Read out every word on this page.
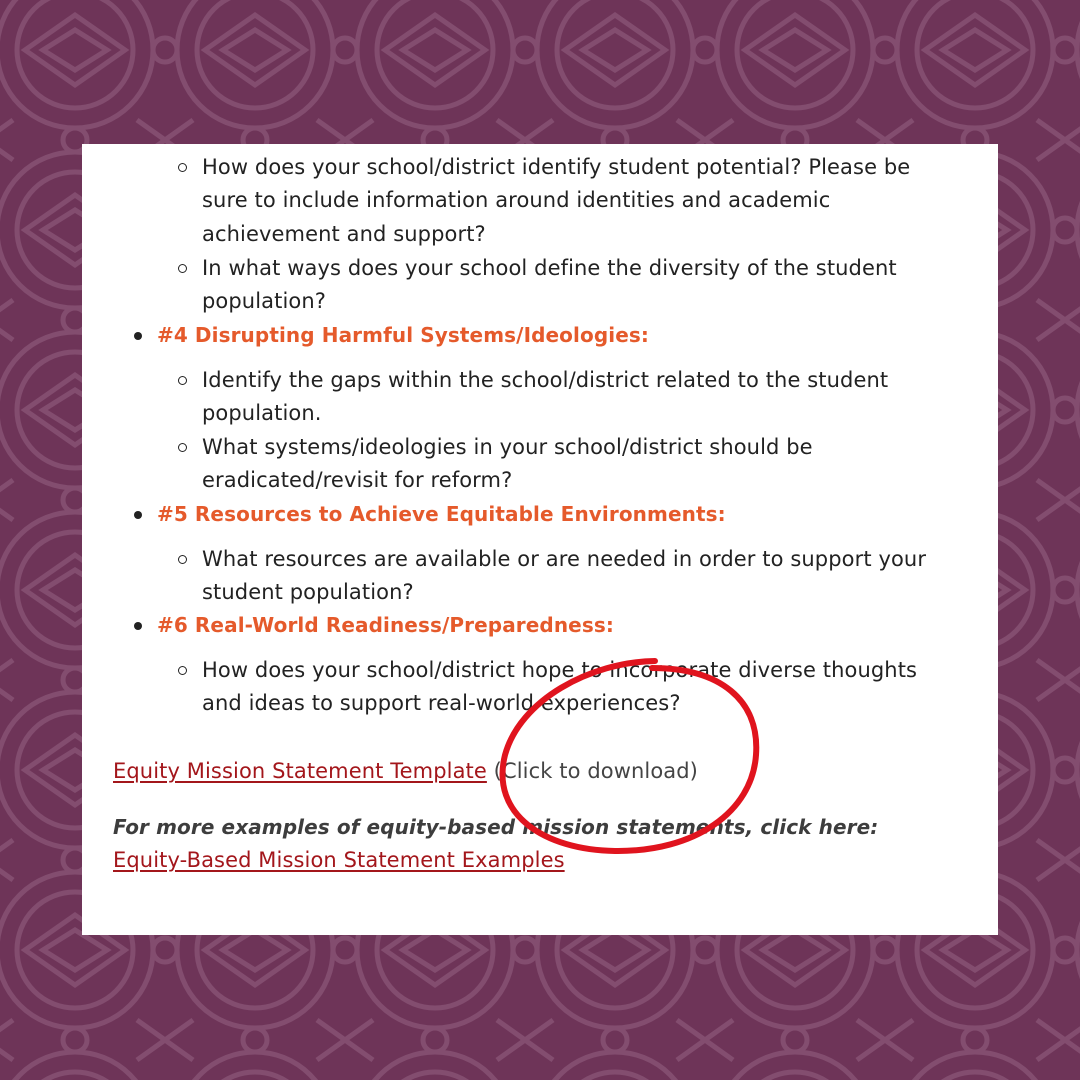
How does your school/district identify student potential? Please be
sure to include information around identities and academic
achievement and support?
In what ways does your school define the diversity of the student
population?
#4 Disrupting Harmful Systems/Ideologies:
Identify the gaps within the school/district related to the student
population.
What systems/ideologies in your school/district should be
eradicated/revisit for reform?
#5 Resources to Achieve Equitable Environments:
What resources are available or are needed in order to support your
student population?
#6 Real-World Readiness/Preparedness:
How does your school/district hope to incorporate diverse thoughts
and ideas to support real-world experiences?
Equity Mission Statement Template (Click to download)
For more examples of equity-based mission statements, click here:
Equity-Based Mission Statement Examples
